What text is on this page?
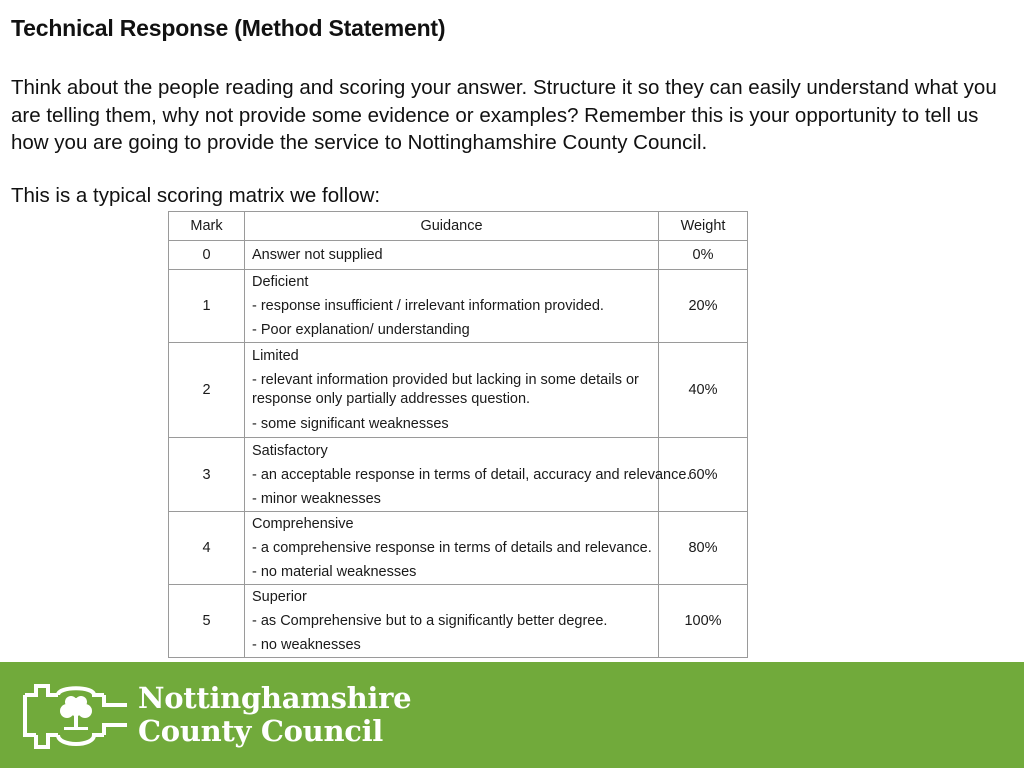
Technical Response (Method Statement)
Think about the people reading and scoring your answer. Structure it so they can easily understand what you are telling them, why not provide some evidence or examples? Remember this is your opportunity to tell us how you are going to provide the service to Nottinghamshire County Council.
This is a typical scoring matrix we follow:
Mark	Guidance	Weight
0	Answer not supplied	0%
1	Deficient
- response insufficient / irrelevant information provided.
- Poor explanation/ understanding	20%
2	Limited
- relevant information provided but lacking in some details or response only partially addresses question.
- some significant weaknesses	40%
3	Satisfactory
- an acceptable response in terms of detail, accuracy and relevance.
- minor weaknesses	60%
4	Comprehensive
- a comprehensive response in terms of details and relevance.
- no material weaknesses	80%
5	Superior
- as Comprehensive but to a significantly better degree.
- no weaknesses	100%
Nottinghamshire
County Council
